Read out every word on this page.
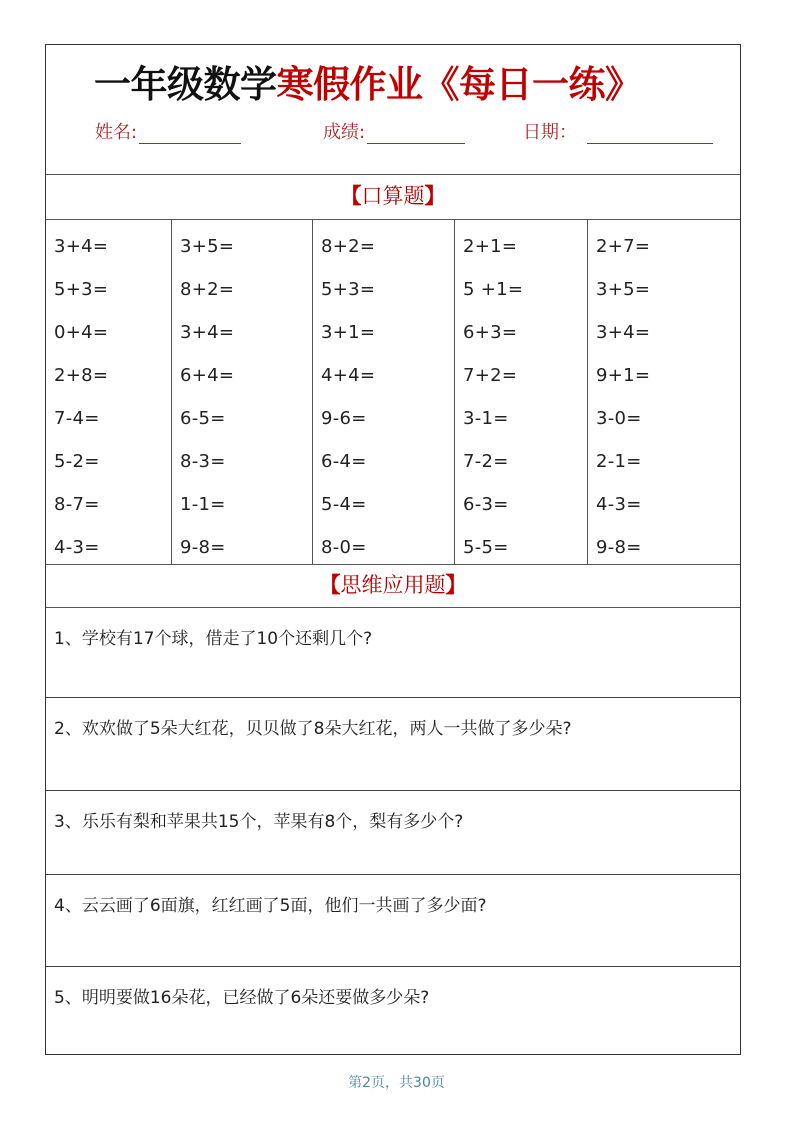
一年级数学寒假作业《每日一练》
姓名:	成绩:	日期：
【口算题】
3+4=
5+3=
0+4=
2+8=
7-4=
5-2=
8-7=
4-3=
3+5=
8+2=
3+4=
6+4=
6-5=
8-3=
1-1=
9-8=
8+2=
5+3=
3+1=
4+4=
9-6=
6-4=
5-4=
8-0=
2+1=
5 +1=
6+3=
7+2=
3-1=
7-2=
6-3=
5-5=
2+7=
3+5=
3+4=
9+1=
3-0=
2-1=
4-3=
9-8=
【思维应用题】
1、学校有17个球，借走了10个还剩几个?
2、欢欢做了5朵大红花，贝贝做了8朵大红花，两人一共做了多少朵?
3、乐乐有梨和苹果共15个，苹果有8个，梨有多少个?
4、云云画了6面旗，红红画了5面，他们一共画了多少面?
5、明明要做16朵花，已经做了6朵还要做多少朵?
第2页，共30页
